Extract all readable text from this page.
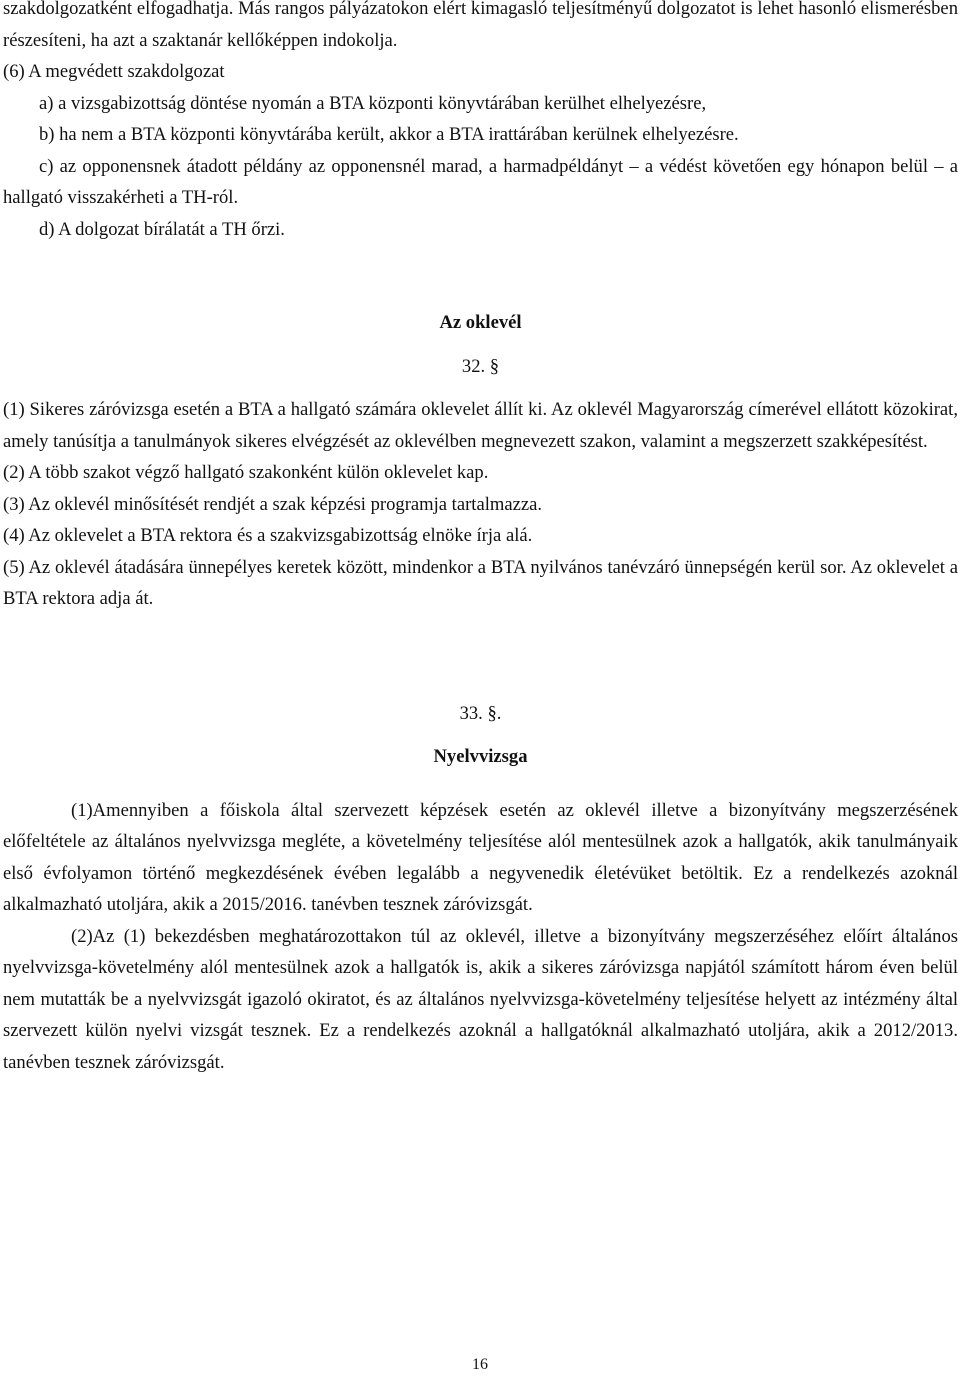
szakdolgozatként elfogadhatja. Más rangos pályázatokon elért kimagasló teljesítményű dolgozatot is lehet hasonló elismerésben részesíteni, ha azt a szaktanár kellőképpen indokolja.

(6) A megvédett szakdolgozat

a) a vizsgabizottság döntése nyomán a BTA központi könyvtárában kerülhet elhelyezésre,

b) ha nem a BTA központi könyvtárába került, akkor a BTA irattárában kerülnek elhelyezésre.

c) az opponensnek átadott példány az opponensnél marad, a harmadpéldányt – a védést követően egy hónapon belül – a hallgató visszakérheti a TH-ról.

d) A dolgozat bírálatát a TH őrzi.

Az oklevél

32. §

(1) Sikeres záróvizsga esetén a BTA a hallgató számára oklevelet állít ki. Az oklevél Magyarország címerével ellátott közokirat, amely tanúsítja a tanulmányok sikeres elvégzését az oklevélben megnevezett szakon, valamint a megszerzett szakképesítést.

(2) A több szakot végző hallgató szakonként külön oklevelet kap.

(3) Az oklevél minősítését rendjét a szak képzési programja tartalmazza.

(4) Az oklevelet a BTA rektora és a szakvizsgabizottság elnöke írja alá.

(5) Az oklevél átadására ünnepélyes keretek között, mindenkor a BTA nyilvános tanévzáró ünnepségén kerül sor. Az oklevelet a BTA rektora adja át.

33. §.

Nyelvvizsga

(1)Amennyiben a főiskola által szervezett képzések esetén az oklevél illetve a bizonyítvány megszerzésének előfeltétele az általános nyelvvizsga megléte, a követelmény teljesítése alól mentesülnek azok a hallgatók, akik tanulmányaik első évfolyamon történő megkezdésének évében legalább a negyvenedik életévüket betöltik. Ez a rendelkezés azoknál alkalmazható utoljára, akik a 2015/2016. tanévben tesznek záróvizsgát.

(2)Az (1) bekezdésben meghatározottakon túl az oklevél, illetve a bizonyítvány megszerzéséhez előírt általános nyelvvizsga-követelmény alól mentesülnek azok a hallgatók is, akik a sikeres záróvizsga napjától számított három éven belül nem mutatták be a nyelvvizsgát igazoló okiratot, és az általános nyelvvizsga-követelmény teljesítése helyett az intézmény által szervezett külön nyelvi vizsgát tesznek. Ez a rendelkezés azoknál a hallgatóknál alkalmazható utoljára, akik a 2012/2013. tanévben tesznek záróvizsgát.

16
